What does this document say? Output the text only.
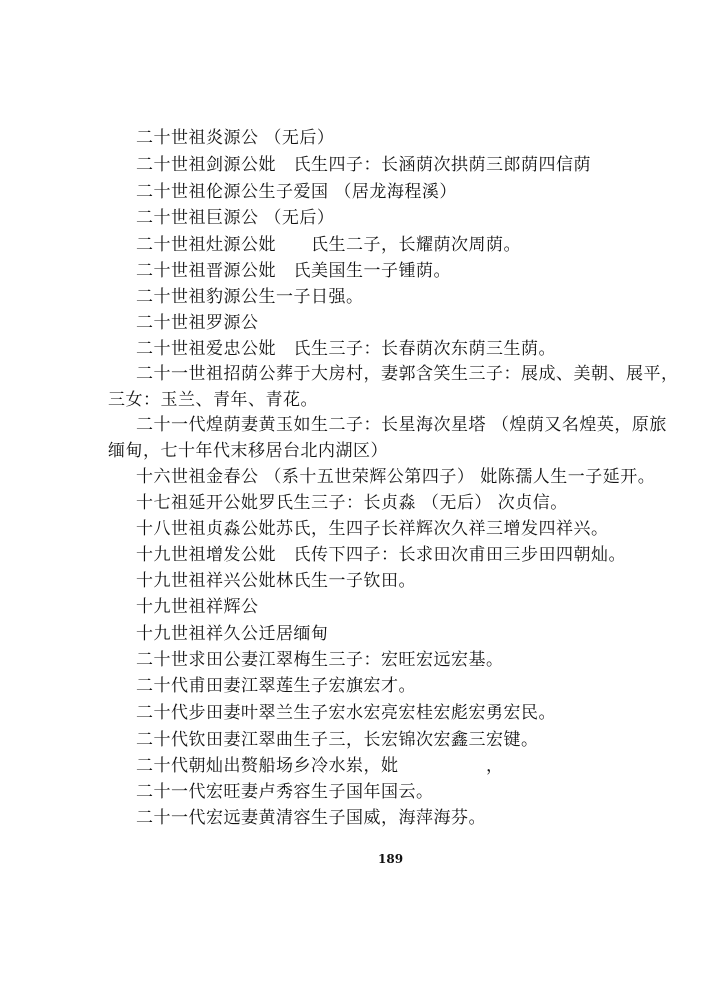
二十世祖炎源公 （无后）
二十世祖剑源公妣　氏生四子：长涵荫次拱荫三郎荫四信荫
二十世祖伦源公生子爱国 （居龙海程溪）
二十世祖巨源公 （无后）
二十世祖灶源公妣　　氏生二子，长耀荫次周荫。
二十世祖晋源公妣　氏美国生一子锺荫。
二十世祖豹源公生一子日强。
二十世祖罗源公
二十世祖爱忠公妣　氏生三子：长春荫次东荫三生荫。
二十一世祖招荫公葬于大房村，妻郭含笑生三子：展成、美朝、展平，
三女：玉兰、青年、青花。
二十一代煌荫妻黄玉如生二子：长星海次星塔 （煌荫又名煌英，原旅
缅甸，七十年代末移居台北内湖区）
十六世祖金春公 （系十五世荣辉公第四子） 妣陈孺人生一子延开。
十七祖延开公妣罗氏生三子：长贞淼 （无后） 次贞信。
十八世祖贞淼公妣苏氏，生四子长祥辉次久祥三增发四祥兴。
十九世祖增发公妣　氏传下四子：长求田次甫田三步田四朝灿。
十九世祖祥兴公妣林氏生一子钦田。
十九世祖祥辉公
十九世祖祥久公迁居缅甸
二十世求田公妻江翠梅生三子：宏旺宏远宏基。
二十代甫田妻江翠莲生子宏旗宏才。
二十代步田妻叶翠兰生子宏水宏亮宏桂宏彪宏勇宏民。
二十代钦田妻江翠曲生子三，长宏锦次宏鑫三宏键。
二十代朝灿出赘船场乡冷水岽，妣　　　　　，
二十一代宏旺妻卢秀容生子国年国云。
二十一代宏远妻黄清容生子国威，海萍海芬。
189
